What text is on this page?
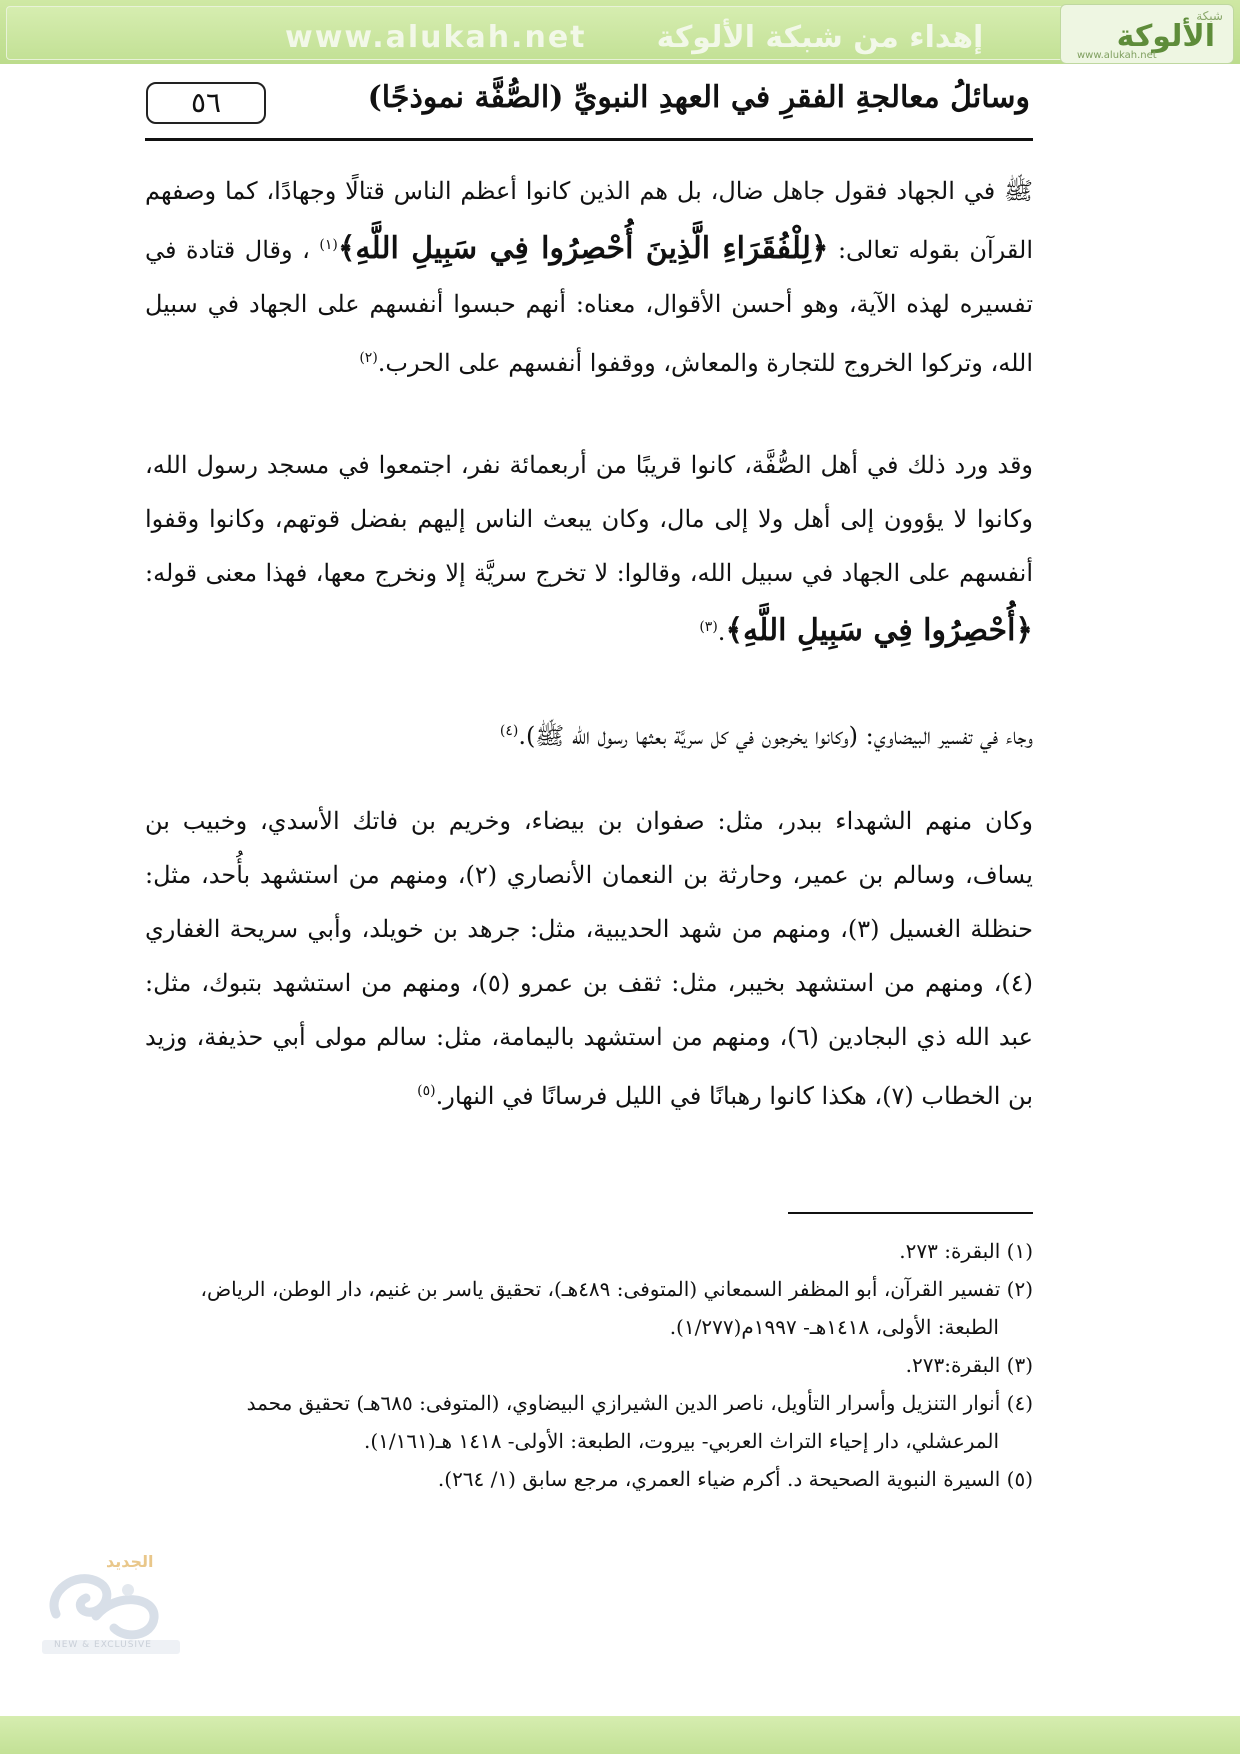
www.alukah.net	إهداء من شبكة الألوكة
شبكة
الألوكة
www.alukah.net
٥٦	وسائلُ معالجةِ الفقرِ في العهدِ النبويِّ (الصُّفَّة نموذجًا)

ﷺ في الجهاد فقول جاهل ضال، بل هم الذين كانوا أعظم الناس قتالًا وجهادًا، كما وصفهم القرآن بقوله تعالى: ﴿لِلْفُقَرَاءِ الَّذِينَ أُحْصِرُوا فِي سَبِيلِ اللَّهِ﴾$^{(١)}$ ، وقال قتادة في تفسيره لهذه الآية، وهو أحسن الأقوال، معناه: أنهم حبسوا أنفسهم على الجهاد في سبيل الله، وتركوا الخروج للتجارة والمعاش، ووقفوا أنفسهم على الحرب.$^{(٢)}$

وقد ورد ذلك في أهل الصُّفَّة، كانوا قريبًا من أربعمائة نفر، اجتمعوا في مسجد رسول الله، وكانوا لا يؤوون إلى أهل ولا إلى مال، وكان يبعث الناس إليهم بفضل قوتهم، وكانوا وقفوا أنفسهم على الجهاد في سبيل الله، وقالوا: لا تخرج سريَّة إلا ونخرج معها، فهذا معنى قوله: ﴿أُحْصِرُوا فِي سَبِيلِ اللَّهِ﴾.$^{(٣)}$

وجاء في تفسير البيضاوي: (وكانوا يخرجون في كل سريَّة بعثها رسول الله ﷺ).$^{(٤)}$

وكان منهم الشهداء ببدر، مثل: صفوان بن بيضاء، وخريم بن فاتك الأسدي، وخبيب بن يساف، وسالم بن عمير، وحارثة بن النعمان الأنصاري (٢)، ومنهم من استشهد بأُحد، مثل: حنظلة الغسيل (٣)، ومنهم من شهد الحديبية، مثل: جرهد بن خويلد، وأبي سريحة الغفاري (٤)، ومنهم من استشهد بخيبر، مثل: ثقف بن عمرو (٥)، ومنهم من استشهد بتبوك، مثل: عبد الله ذي البجادين (٦)، ومنهم من استشهد باليمامة، مثل: سالم مولى أبي حذيفة، وزيد بن الخطاب (٧)، هكذا كانوا رهبانًا في الليل فرسانًا في النهار.$^{(٥)}$

(١) البقرة: ٢٧٣.

(٢) تفسير القرآن، أبو المظفر السمعاني (المتوفى: ٤٨٩هـ)، تحقيق ياسر بن غنيم، دار الوطن، الرياض،

الطبعة: الأولى، ١٤١٨هـ- ١٩٩٧م(١/٢٧٧).

(٣) البقرة:٢٧٣.

(٤) أنوار التنزيل وأسرار التأويل، ناصر الدين الشيرازي البيضاوي، (المتوفى: ٦٨٥هـ) تحقيق محمد

المرعشلي، دار إحياء التراث العربي- بيروت، الطبعة: الأولى- ١٤١٨ هـ(١/١٦١).

(٥) السيرة النبوية الصحيحة د. أكرم ضياء العمري، مرجع سابق (١/ ٢٦٤).

الجديد
NEW & EXCLUSIVE
